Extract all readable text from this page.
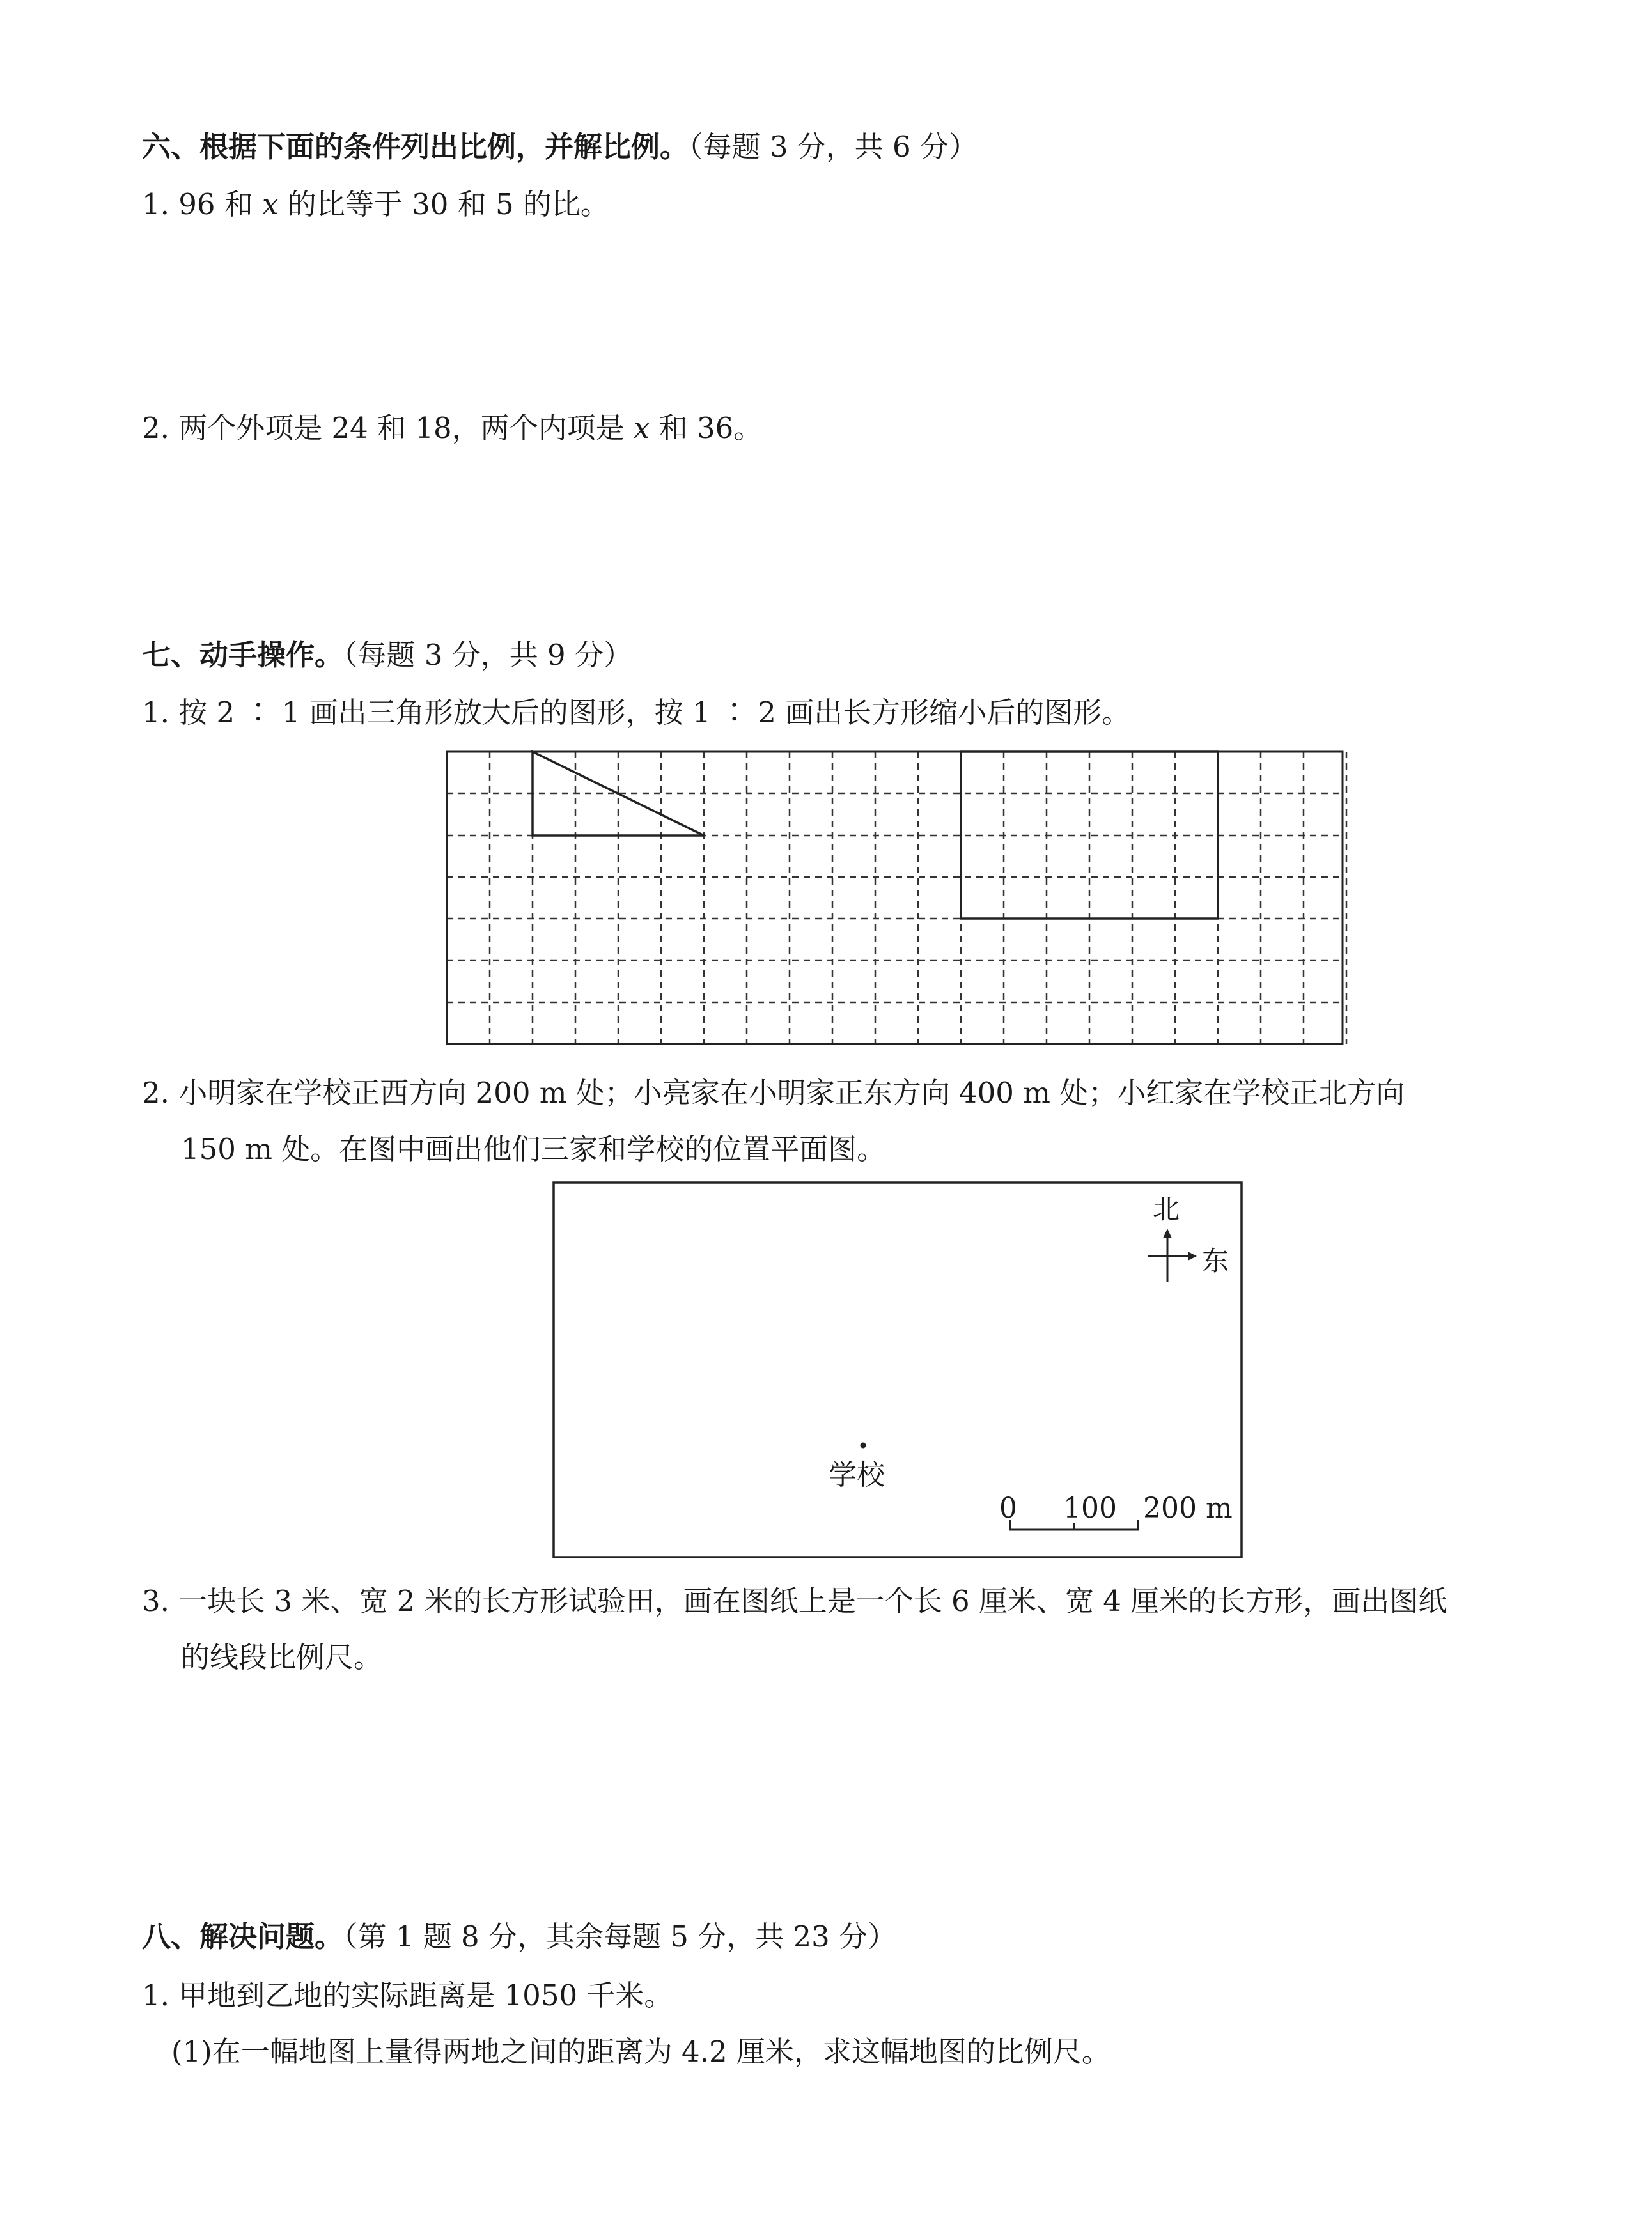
六、根据下面的条件列出比例，并解比例。（每题 3 分，共 6 分）
1. 96 和 x 的比等于 30 和 5 的比。
2. 两个外项是 24 和 18，两个内项是 x 和 36。
七、动手操作。（每题 3 分，共 9 分）
1. 按 2 ∶ 1 画出三角形放大后的图形，按 1 ∶ 2 画出长方形缩小后的图形。
2. 小明家在学校正西方向 200 m 处；小亮家在小明家正东方向 400 m 处；小红家在学校正北方向
150 m 处。在图中画出他们三家和学校的位置平面图。
北
东
学校
0 100 200 m
3. 一块长 3 米、宽 2 米的长方形试验田，画在图纸上是一个长 6 厘米、宽 4 厘米的长方形，画出图纸
的线段比例尺。
八、解决问题。（第 1 题 8 分，其余每题 5 分，共 23 分）
1. 甲地到乙地的实际距离是 1050 千米。
(1)在一幅地图上量得两地之间的距离为 4.2 厘米，求这幅地图的比例尺。
